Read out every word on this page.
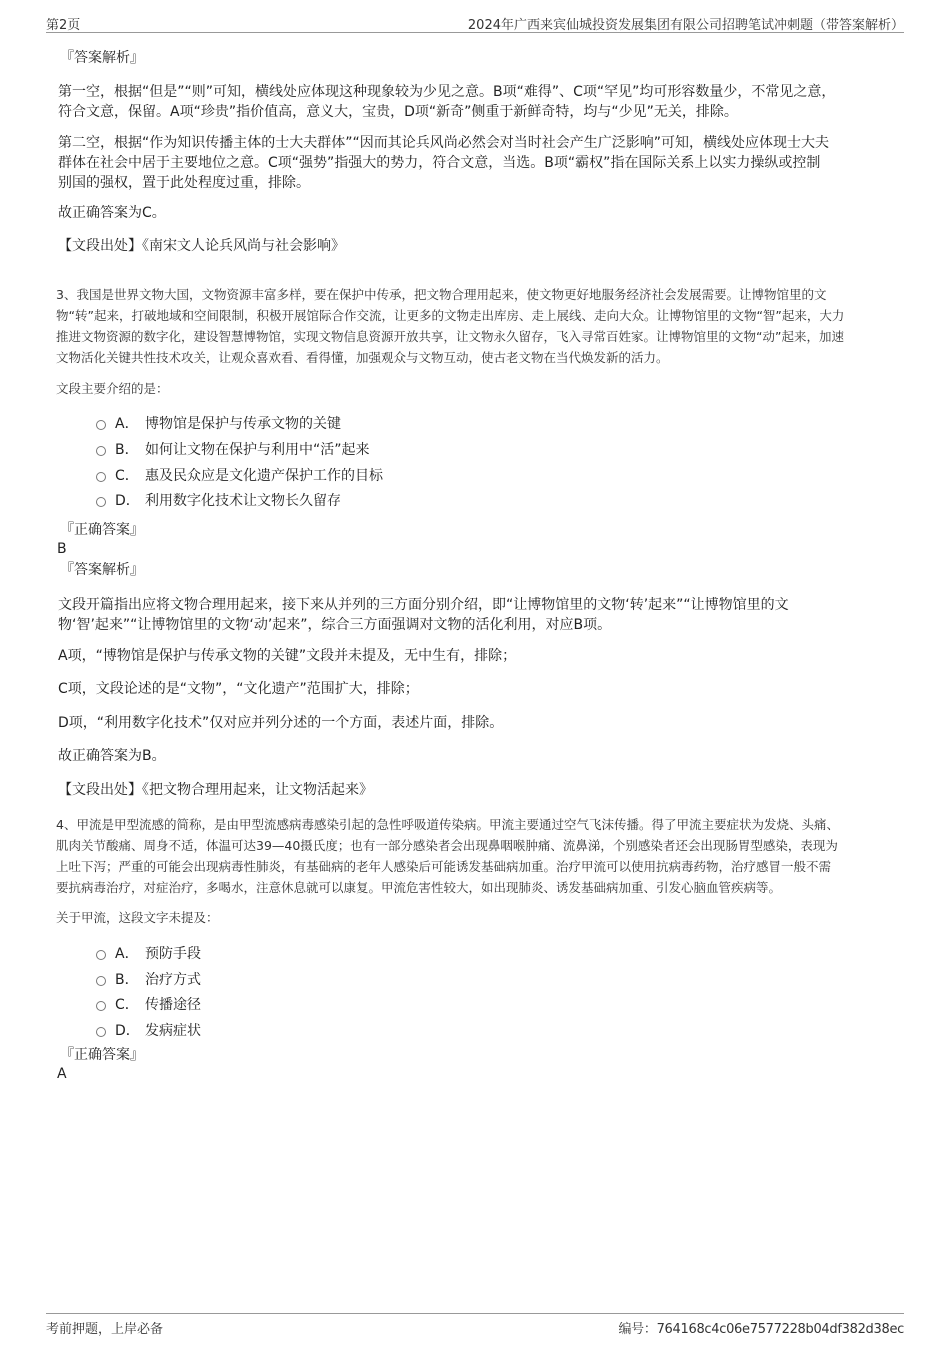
第2页	2024年广西来宾仙城投资发展集团有限公司招聘笔试冲刺题（带答案解析）
『答案解析』
第一空，根据“但是”“则”可知，横线处应体现这种现象较为少见之意。B项“难得”、C项“罕见”均可形容数量少，不常见之意，
符合文意，保留。A项“珍贵”指价值高，意义大，宝贵，D项“新奇”侧重于新鲜奇特，均与“少见”无关，排除。
第二空，根据“作为知识传播主体的士大夫群体”“因而其论兵风尚必然会对当时社会产生广泛影响”可知，横线处应体现士大夫
群体在社会中居于主要地位之意。C项“强势”指强大的势力，符合文意，当选。B项“霸权”指在国际关系上以实力操纵或控制
别国的强权，置于此处程度过重，排除。
故正确答案为C。
【文段出处】《南宋文人论兵风尚与社会影响》
3、我国是世界文物大国，文物资源丰富多样，要在保护中传承，把文物合理用起来，使文物更好地服务经济社会发展需要。让博物馆里的文
物“转”起来，打破地域和空间限制，积极开展馆际合作交流，让更多的文物走出库房、走上展线、走向大众。让博物馆里的文物“智”起来，大力
推进文物资源的数字化，建设智慧博物馆，实现文物信息资源开放共享，让文物永久留存，飞入寻常百姓家。让博物馆里的文物“动”起来，加速
文物活化关键共性技术攻关，让观众喜欢看、看得懂，加强观众与文物互动，使古老文物在当代焕发新的活力。
文段主要介绍的是：
A． 博物馆是保护与传承文物的关键
B． 如何让文物在保护与利用中“活”起来
C． 惠及民众应是文化遗产保护工作的目标
D． 利用数字化技术让文物长久留存
『正确答案』
B
『答案解析』
文段开篇指出应将文物合理用起来，接下来从并列的三方面分别介绍，即“让博物馆里的文物‘转’起来”“让博物馆里的文
物‘智’起来”“让博物馆里的文物‘动’起来”，综合三方面强调对文物的活化利用，对应B项。
A项，“博物馆是保护与传承文物的关键”文段并未提及，无中生有，排除；
C项，文段论述的是“文物”，“文化遗产”范围扩大，排除；
D项，“利用数字化技术”仅对应并列分述的一个方面，表述片面，排除。
故正确答案为B。
【文段出处】《把文物合理用起来，让文物活起来》
4、甲流是甲型流感的简称，是由甲型流感病毒感染引起的急性呼吸道传染病。甲流主要通过空气飞沫传播。得了甲流主要症状为发烧、头痛、
肌肉关节酸痛、周身不适，体温可达39—40摄氏度；也有一部分感染者会出现鼻咽喉肿痛、流鼻涕，个别感染者还会出现肠胃型感染，表现为
上吐下泻；严重的可能会出现病毒性肺炎，有基础病的老年人感染后可能诱发基础病加重。治疗甲流可以使用抗病毒药物，治疗感冒一般不需
要抗病毒治疗，对症治疗，多喝水，注意休息就可以康复。甲流危害性较大，如出现肺炎、诱发基础病加重、引发心脑血管疾病等。
关于甲流，这段文字未提及：
A． 预防手段
B． 治疗方式
C． 传播途径
D． 发病症状
『正确答案』
A
考前押题，上岸必备	编号：764168c4c06e7577228b04df382d38ec
